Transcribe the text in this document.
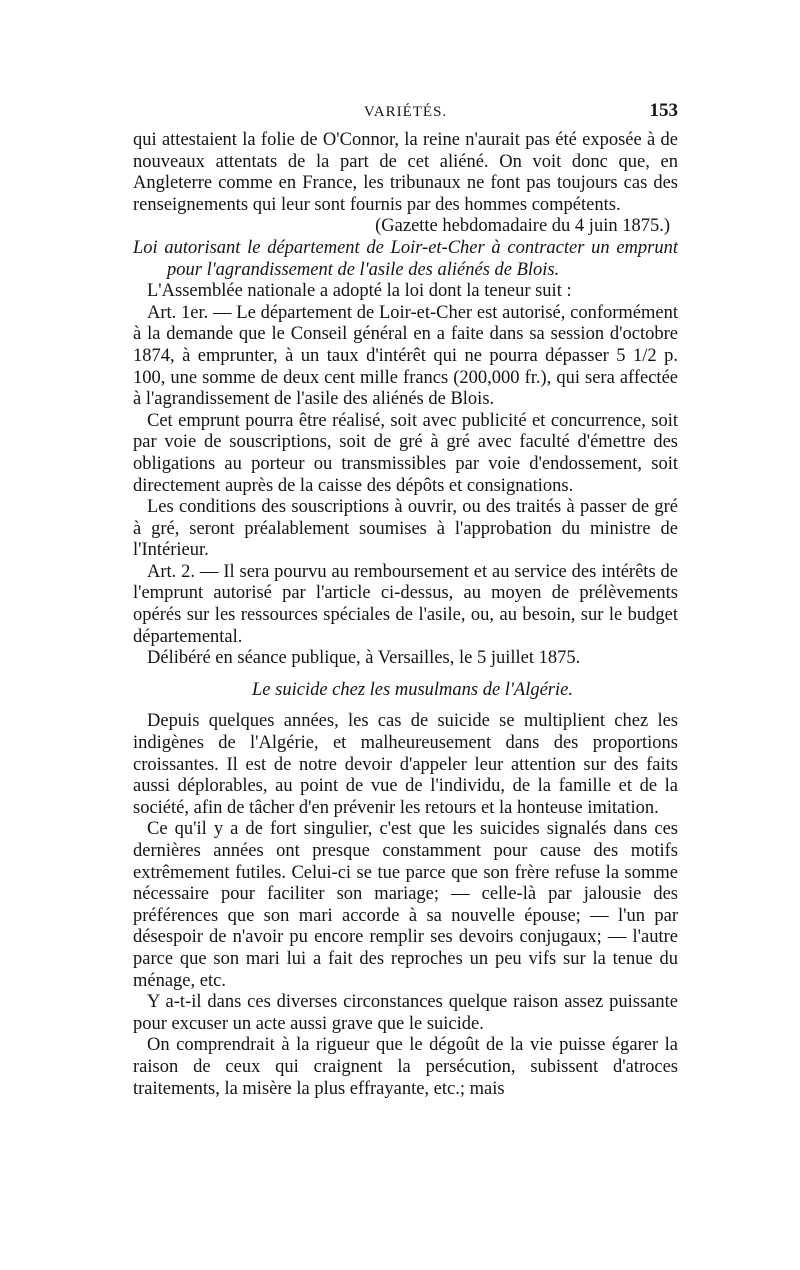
VARIÉTÉS.	153

qui attestaient la folie de O'Connor, la reine n'aurait pas été exposée à de nouveaux attentats de la part de cet aliéné. On voit donc que, en Angleterre comme en France, les tribunaux ne font pas toujours cas des renseignements qui leur sont fournis par des hommes compétents.

(Gazette hebdomadaire du 4 juin 1875.)

Loi autorisant le département de Loir-et-Cher à contracter un emprunt pour l'agrandissement de l'asile des aliénés de Blois.

L'Assemblée nationale a adopté la loi dont la teneur suit :

Art. 1er. — Le département de Loir-et-Cher est autorisé, conformément à la demande que le Conseil général en a faite dans sa session d'octobre 1874, à emprunter, à un taux d'intérêt qui ne pourra dépasser 5 1/2 p. 100, une somme de deux cent mille francs (200,000 fr.), qui sera affectée à l'agrandissement de l'asile des aliénés de Blois.

Cet emprunt pourra être réalisé, soit avec publicité et concurrence, soit par voie de souscriptions, soit de gré à gré avec faculté d'émettre des obligations au porteur ou transmissibles par voie d'endossement, soit directement auprès de la caisse des dépôts et consignations.

Les conditions des souscriptions à ouvrir, ou des traités à passer de gré à gré, seront préalablement soumises à l'approbation du ministre de l'Intérieur.

Art. 2. — Il sera pourvu au remboursement et au service des intérêts de l'emprunt autorisé par l'article ci-dessus, au moyen de prélèvements opérés sur les ressources spéciales de l'asile, ou, au besoin, sur le budget départemental.

Délibéré en séance publique, à Versailles, le 5 juillet 1875.

Le suicide chez les musulmans de l'Algérie.

Depuis quelques années, les cas de suicide se multiplient chez les indigènes de l'Algérie, et malheureusement dans des proportions croissantes. Il est de notre devoir d'appeler leur attention sur des faits aussi déplorables, au point de vue de l'individu, de la famille et de la société, afin de tâcher d'en prévenir les retours et la honteuse imitation.

Ce qu'il y a de fort singulier, c'est que les suicides signalés dans ces dernières années ont presque constamment pour cause des motifs extrêmement futiles. Celui-ci se tue parce que son frère refuse la somme nécessaire pour faciliter son mariage; — celle-là par jalousie des préférences que son mari accorde à sa nouvelle épouse; — l'un par désespoir de n'avoir pu encore remplir ses devoirs conjugaux; — l'autre parce que son mari lui a fait des reproches un peu vifs sur la tenue du ménage, etc.

Y a-t-il dans ces diverses circonstances quelque raison assez puissante pour excuser un acte aussi grave que le suicide.

On comprendrait à la rigueur que le dégoût de la vie puisse égarer la raison de ceux qui craignent la persécution, subissent d'atroces traitements, la misère la plus effrayante, etc.; mais
